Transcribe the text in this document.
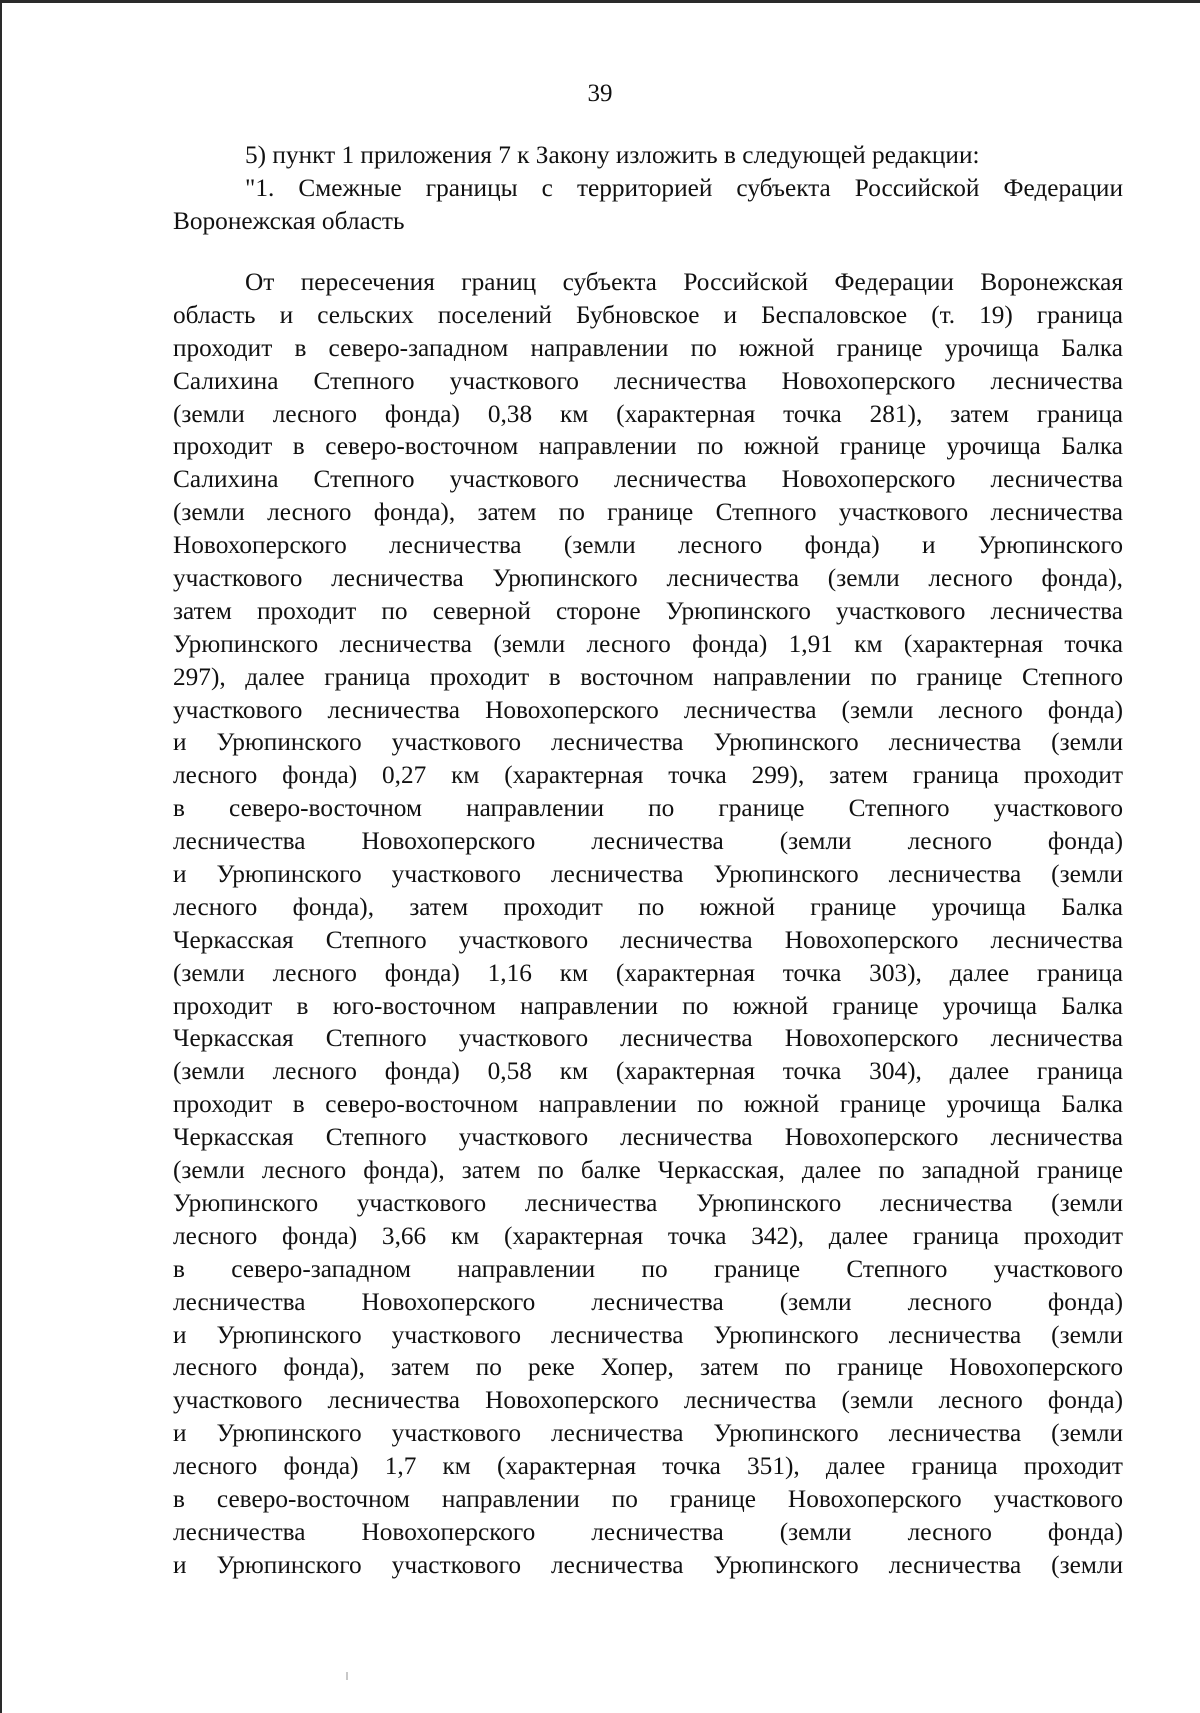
39
5) пункт 1 приложения 7 к Закону изложить в следующей редакции:
"1. Смежные границы с территорией субъекта Российской Федерации
Воронежская область
От пересечения границ субъекта Российской Федерации Воронежская
область и сельских поселений Бубновское и Беспаловское (т. 19) граница
проходит в северо-западном направлении по южной границе урочища Балка
Салихина Степного участкового лесничества Новохоперского лесничества
(земли лесного фонда) 0,38 км (характерная точка 281), затем граница
проходит в северо-восточном направлении по южной границе урочища Балка
Салихина Степного участкового лесничества Новохоперского лесничества
(земли лесного фонда), затем по границе Степного участкового лесничества
Новохоперского лесничества (земли лесного фонда) и Урюпинского
участкового лесничества Урюпинского лесничества (земли лесного фонда),
затем проходит по северной стороне Урюпинского участкового лесничества
Урюпинского лесничества (земли лесного фонда) 1,91 км (характерная точка
297), далее граница проходит в восточном направлении по границе Степного
участкового лесничества Новохоперского лесничества (земли лесного фонда)
и Урюпинского участкового лесничества Урюпинского лесничества (земли
лесного фонда) 0,27 км (характерная точка 299), затем граница проходит
в северо-восточном направлении по границе Степного участкового
лесничества Новохоперского лесничества (земли лесного фонда)
и Урюпинского участкового лесничества Урюпинского лесничества (земли
лесного фонда), затем проходит по южной границе урочища Балка
Черкасская Степного участкового лесничества Новохоперского лесничества
(земли лесного фонда) 1,16 км (характерная точка 303), далее граница
проходит в юго-восточном направлении по южной границе урочища Балка
Черкасская Степного участкового лесничества Новохоперского лесничества
(земли лесного фонда) 0,58 км (характерная точка 304), далее граница
проходит в северо-восточном направлении по южной границе урочища Балка
Черкасская Степного участкового лесничества Новохоперского лесничества
(земли лесного фонда), затем по балке Черкасская, далее по западной границе
Урюпинского участкового лесничества Урюпинского лесничества (земли
лесного фонда) 3,66 км (характерная точка 342), далее граница проходит
в северо-западном направлении по границе Степного участкового
лесничества Новохоперского лесничества (земли лесного фонда)
и Урюпинского участкового лесничества Урюпинского лесничества (земли
лесного фонда), затем по реке Хопер, затем по границе Новохоперского
участкового лесничества Новохоперского лесничества (земли лесного фонда)
и Урюпинского участкового лесничества Урюпинского лесничества (земли
лесного фонда) 1,7 км (характерная точка 351), далее граница проходит
в северо-восточном направлении по границе Новохоперского участкового
лесничества Новохоперского лесничества (земли лесного фонда)
и Урюпинского участкового лесничества Урюпинского лесничества (земли
